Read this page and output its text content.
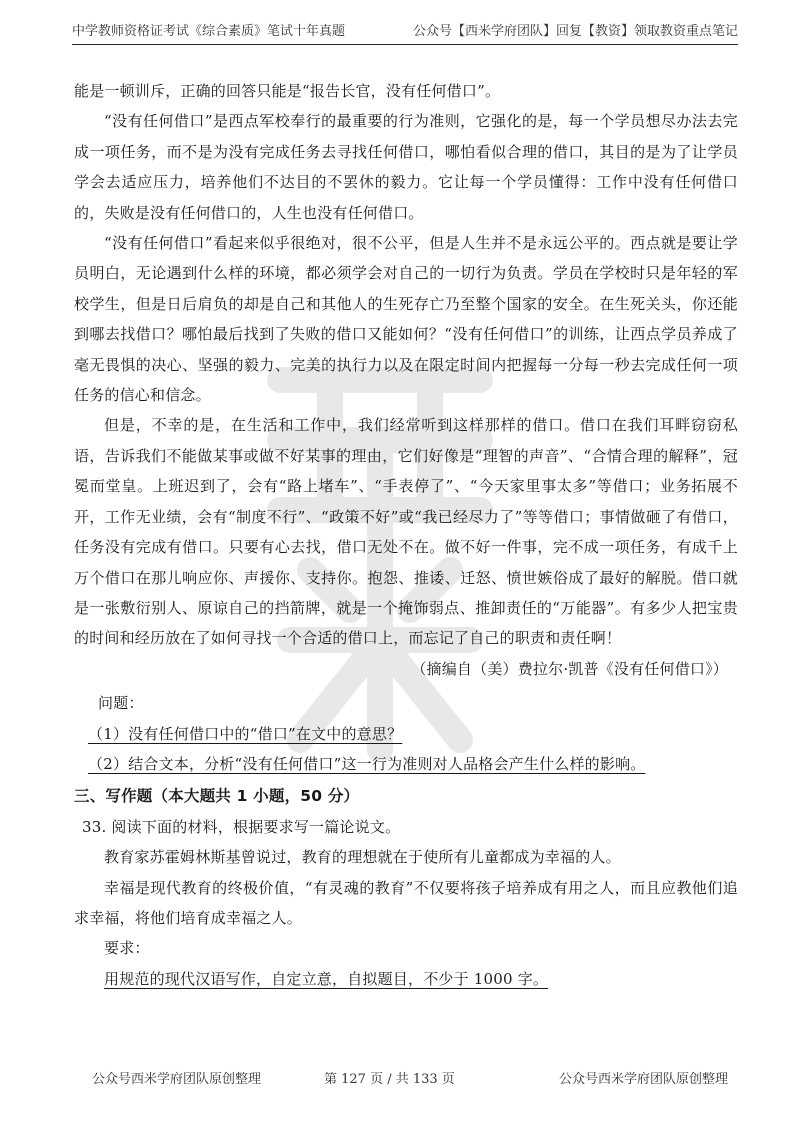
中学教师资格证考试《综合素质》笔试十年真题	公众号【西米学府团队】回复【教资】领取教资重点笔记

能是一顿训斥，正确的回答只能是“报告长官，没有任何借口”。

“没有任何借口”是西点军校奉行的最重要的行为准则，它强化的是，每一个学员想尽办法去完成一项任务，而不是为没有完成任务去寻找任何借口，哪怕看似合理的借口，其目的是为了让学员学会去适应压力，培养他们不达目的不罢休的毅力。它让每一个学员懂得：工作中没有任何借口的，失败是没有任何借口的，人生也没有任何借口。

“没有任何借口”看起来似乎很绝对，很不公平，但是人生并不是永远公平的。西点就是要让学员明白，无论遇到什么样的环境，都必须学会对自己的一切行为负责。学员在学校时只是年轻的军校学生，但是日后肩负的却是自己和其他人的生死存亡乃至整个国家的安全。在生死关头，你还能到哪去找借口？哪怕最后找到了失败的借口又能如何？“没有任何借口”的训练，让西点学员养成了毫无畏惧的决心、坚强的毅力、完美的执行力以及在限定时间内把握每一分每一秒去完成任何一项任务的信心和信念。

但是，不幸的是，在生活和工作中，我们经常听到这样那样的借口。借口在我们耳畔窃窃私语，告诉我们不能做某事或做不好某事的理由，它们好像是“理智的声音”、“合情合理的解释”，冠冕而堂皇。上班迟到了，会有“路上堵车”、“手表停了”、“今天家里事太多”等借口；业务拓展不开，工作无业绩，会有“制度不行”、“政策不好”或“我已经尽力了”等等借口；事情做砸了有借口，任务没有完成有借口。只要有心去找，借口无处不在。做不好一件事，完不成一项任务，有成千上万个借口在那儿响应你、声援你、支持你。抱怨、推诿、迁怒、愤世嫉俗成了最好的解脱。借口就是一张敷衍别人、原谅自己的挡箭牌，就是一个掩饰弱点、推卸责任的“万能器”。有多少人把宝贵的时间和经历放在了如何寻找一个合适的借口上，而忘记了自己的职责和责任啊！

（摘编自（美）费拉尔·凯普《没有任何借口》）

问题：

（1）没有任何借口中的“借口”在文中的意思？

（2）结合文本，分析“没有任何借口”这一行为准则对人品格会产生什么样的影响。

三、写作题（本大题共 1 小题，50 分）

33. 阅读下面的材料，根据要求写一篇论说文。

教育家苏霍姆林斯基曾说过，教育的理想就在于使所有儿童都成为幸福的人。

幸福是现代教育的终极价值，“有灵魂的教育”不仅要将孩子培养成有用之人，而且应教他们追求幸福，将他们培育成幸福之人。

要求：

用规范的现代汉语写作，自定立意，自拟题目，不少于 1000 字。

公众号西米学府团队原创整理	第 127 页 / 共 133 页	公众号西米学府团队原创整理
